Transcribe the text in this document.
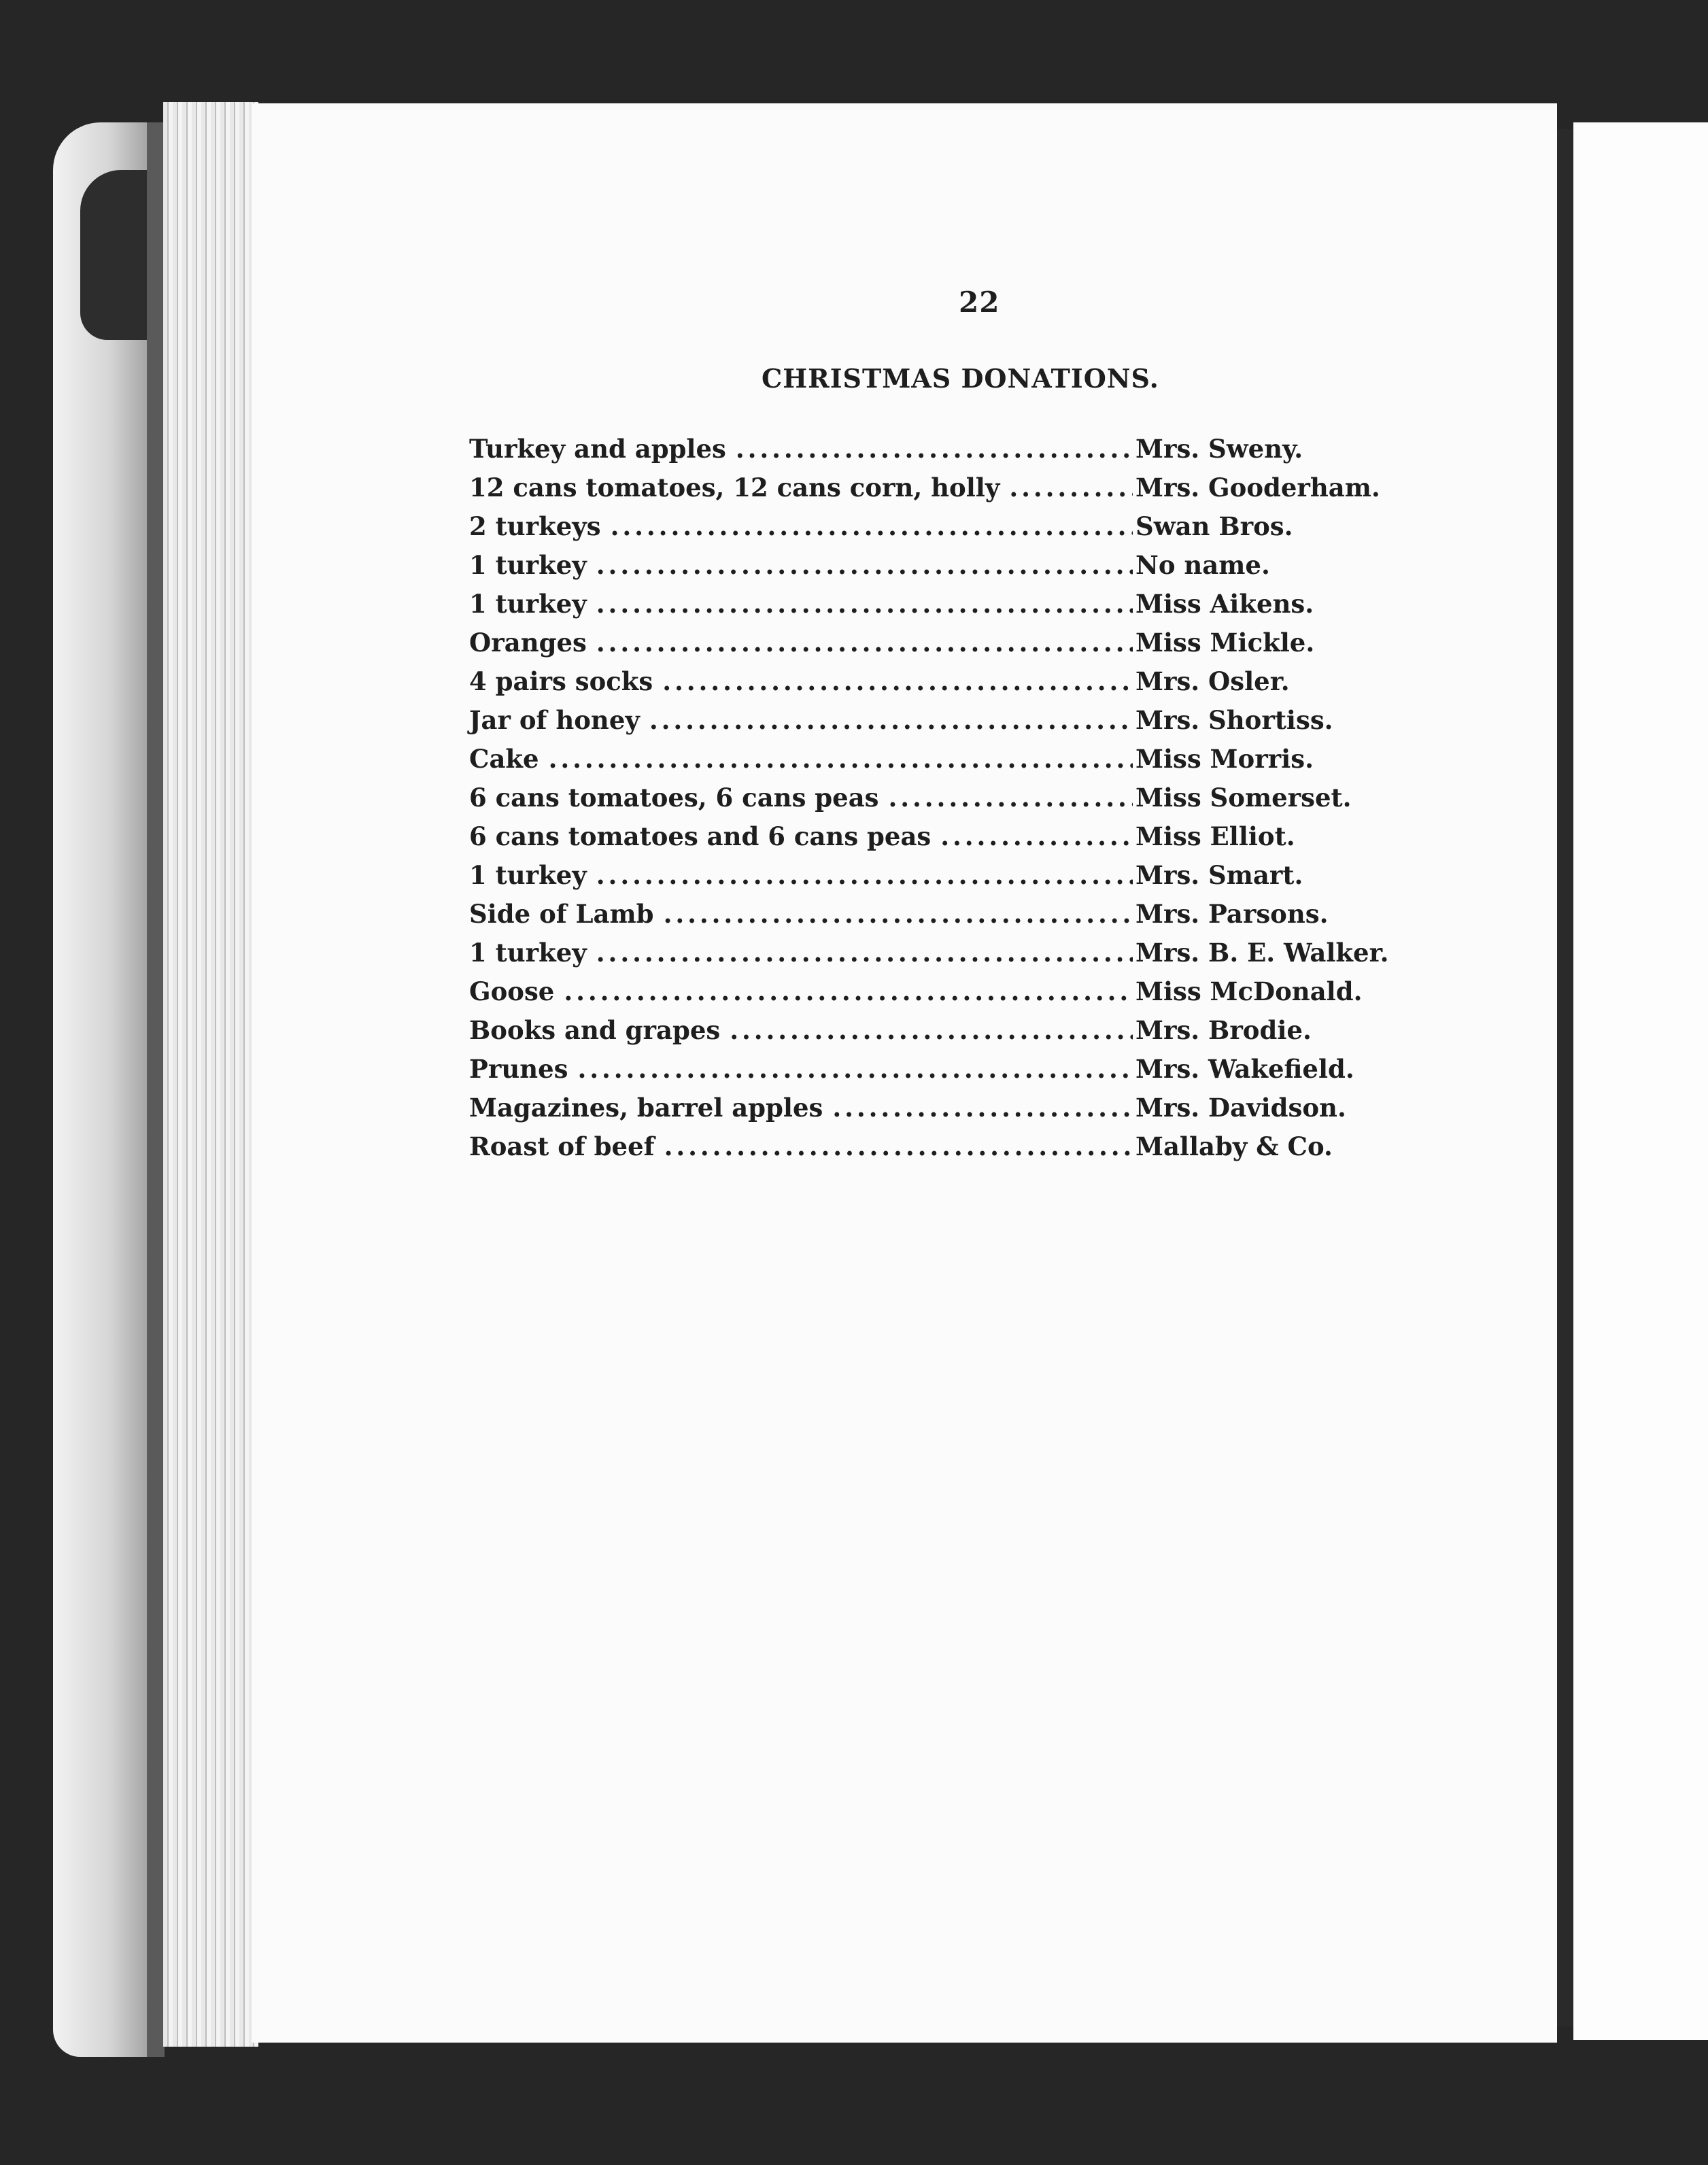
22
CHRISTMAS DONATIONS.
Turkey and apples . . .	Mrs. Sweny.
12 cans tomatoes, 12 cans corn, holly . . .	Mrs. Gooderham.
2 turkeys . . .	Swan Bros.
1 turkey . . .	No name.
1 turkey . . .	Miss Aikens.
Oranges . . .	Miss Mickle.
4 pairs socks . . .	Mrs. Osler.
Jar of honey . . .	Mrs. Shortiss.
Cake . . .	Miss Morris.
6 cans tomatoes, 6 cans peas . . .	Miss Somerset.
6 cans tomatoes and 6 cans peas . . .	Miss Elliot.
1 turkey . . .	Mrs. Smart.
Side of Lamb . . .	Mrs. Parsons.
1 turkey . . .	Mrs. B. E. Walker.
Goose . . .	Miss McDonald.
Books and grapes . . .	Mrs. Brodie.
Prunes . . .	Mrs. Wakefield.
Magazines, barrel apples . . .	Mrs. Davidson.
Roast of beef . . .	Mallaby & Co.
